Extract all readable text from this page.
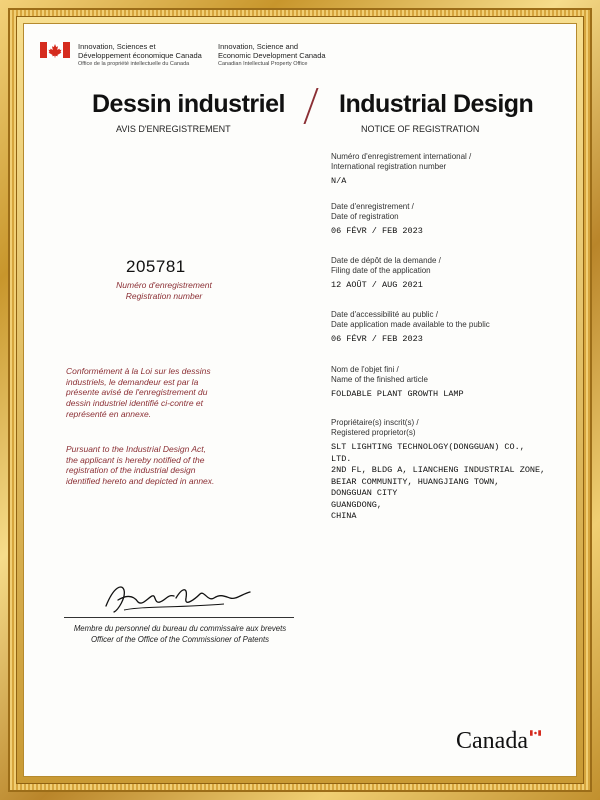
Innovation, Sciences et
Développement économique Canada
Office de la propriété intellectuelle du Canada
Innovation, Science and
Economic Development Canada
Canadian Intellectual Property Office
Dessin industriel Industrial Design
AVIS D'ENREGISTREMENT	NOTICE OF REGISTRATION
Numéro d'enregistrement international /
International registration number
N/A
Date d'enregistrement /
Date of registration
06 FÉVR / FEB 2023
Date de dépôt de la demande /
Filing date of the application
12 AOÛT / AUG 2021
Date d'accessibilité au public /
Date application made available to the public
06 FÉVR / FEB 2023
Nom de l'objet fini /
Name of the finished article
FOLDABLE PLANT GROWTH LAMP
Propriétaire(s) inscrit(s) /
Registered proprietor(s)
SLT LIGHTING TECHNOLOGY(DONGGUAN) CO.,
LTD.
2ND FL, BLDG A, LIANCHENG INDUSTRIAL ZONE,
BEIAR COMMUNITY, HUANGJIANG TOWN,
DONGGUAN CITY
GUANGDONG,
CHINA
205781
Numéro d'enregistrement
Registration number
Conformément à la Loi sur les dessins
industriels, le demandeur est par la
présente avisé de l'enregistrement du
dessin industriel identifié ci-contre et
représenté en annexe.
Pursuant to the Industrial Design Act,
the applicant is hereby notified of the
registration of the industrial design
identified hereto and depicted in annex.
Membre du personnel du bureau du commissaire aux brevets
Officer of the Office of the Commissioner of Patents
Canada
